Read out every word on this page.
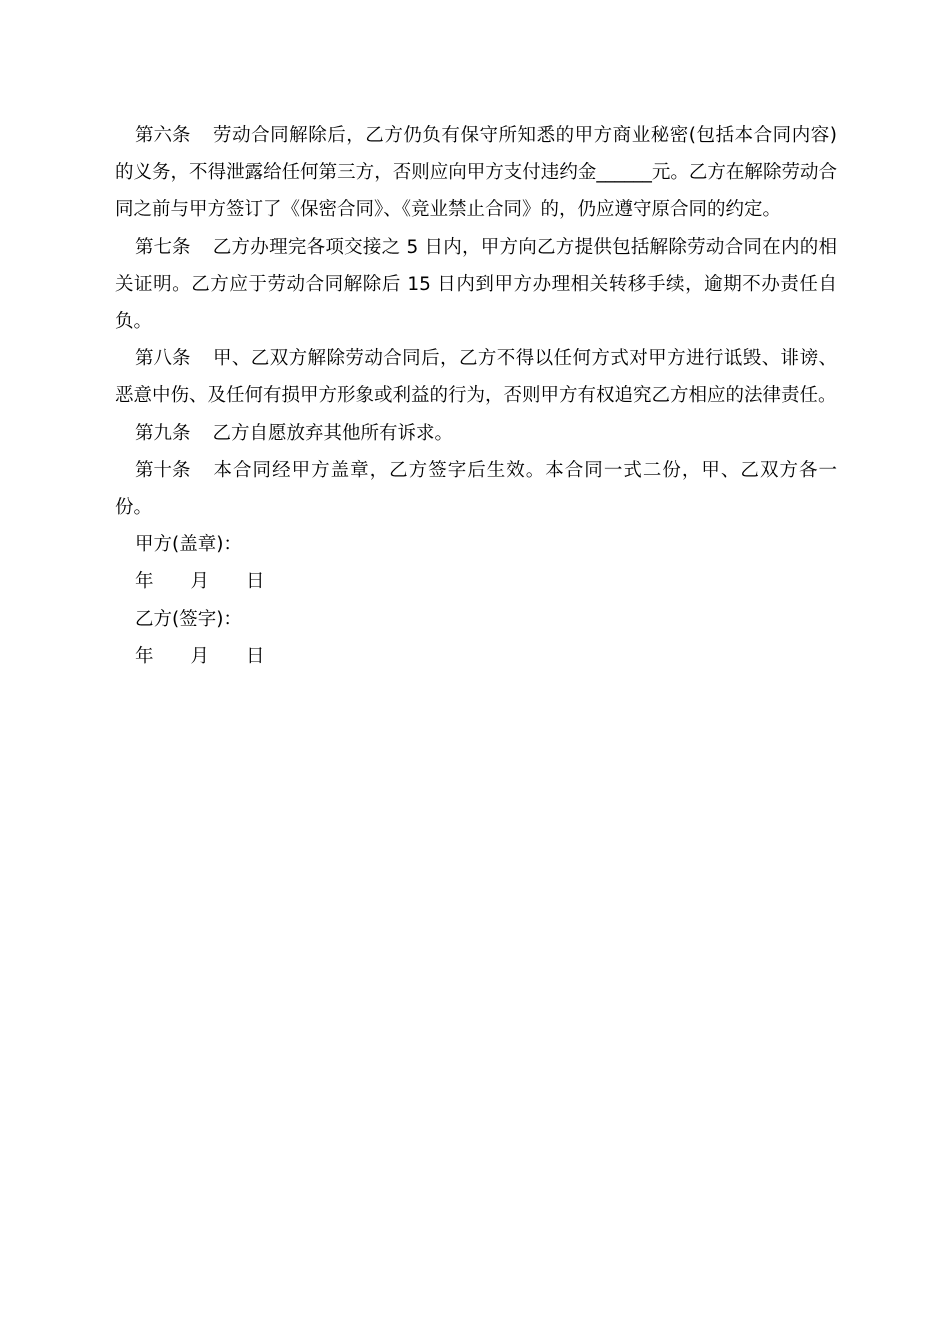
第六条 劳动合同解除后，乙方仍负有保守所知悉的甲方商业秘密(包括本合同内容)的义务，不得泄露给任何第三方，否则应向甲方支付违约金______元。乙方在解除劳动合同之前与甲方签订了《保密合同》、《竞业禁止合同》的，仍应遵守原合同的约定。

第七条 乙方办理完各项交接之 5 日内，甲方向乙方提供包括解除劳动合同在内的相关证明。乙方应于劳动合同解除后 15 日内到甲方办理相关转移手续，逾期不办责任自负。

第八条 甲、乙双方解除劳动合同后，乙方不得以任何方式对甲方进行诋毁、诽谤、恶意中伤、及任何有损甲方形象或利益的行为，否则甲方有权追究乙方相应的法律责任。

第九条 乙方自愿放弃其他所有诉求。

第十条 本合同经甲方盖章，乙方签字后生效。本合同一式二份，甲、乙双方各一份。

甲方(盖章)：
年 月 日
乙方(签字)：
年 月 日
